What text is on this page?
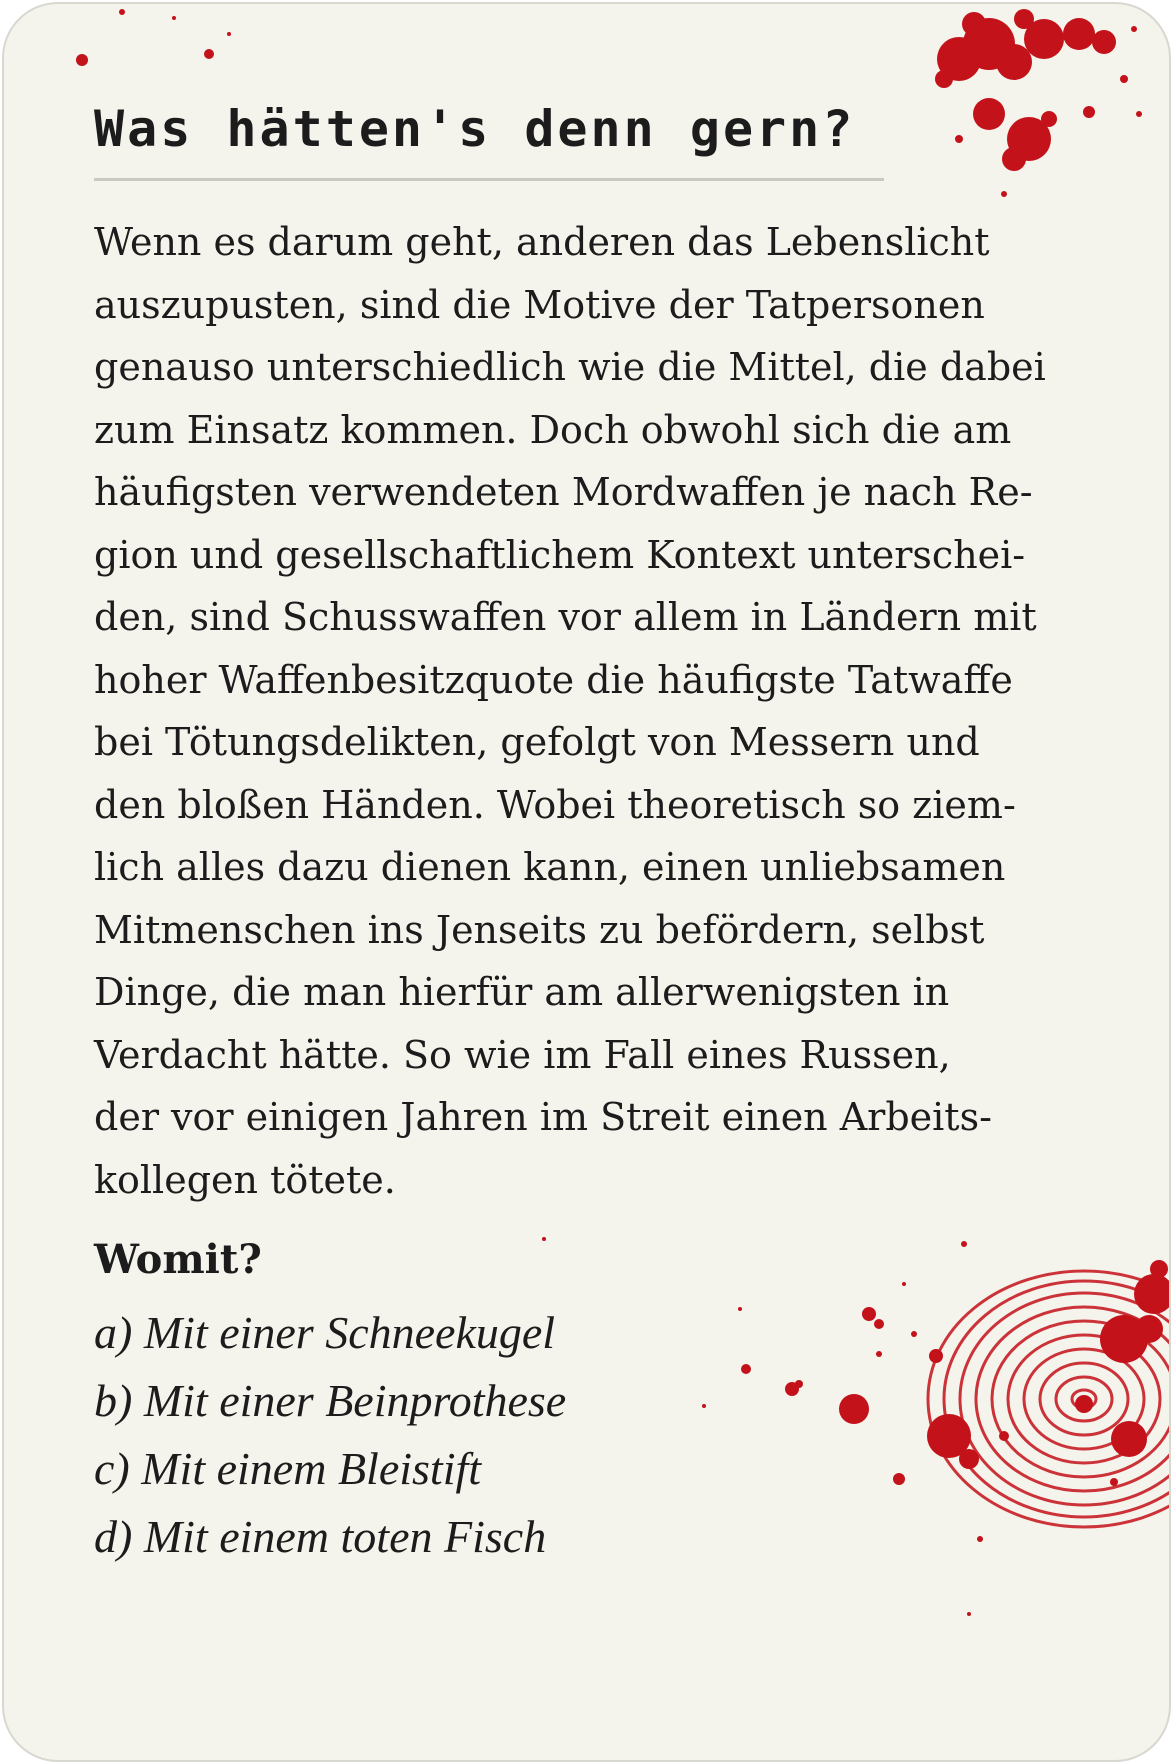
Was hätten's denn gern?

Wenn es darum geht, anderen das Lebenslicht
auszupusten, sind die Motive der Tatpersonen
genauso unterschiedlich wie die Mittel, die dabei
zum Einsatz kommen. Doch obwohl sich die am
häufigsten verwendeten Mordwaffen je nach Re-
gion und gesellschaftlichem Kontext unterschei-
den, sind Schusswaffen vor allem in Ländern mit
hoher Waffenbesitzquote die häufigste Tatwaffe
bei Tötungsdelikten, gefolgt von Messern und
den bloßen Händen. Wobei theoretisch so ziem-
lich alles dazu dienen kann, einen unliebsamen
Mitmenschen ins Jenseits zu befördern, selbst
Dinge, die man hierfür am allerwenigsten in
Verdacht hätte. So wie im Fall eines Russen,
der vor einigen Jahren im Streit einen Arbeits-
kollegen tötete.

Womit?

a) Mit einer Schneekugel
b) Mit einer Beinprothese
c) Mit einem Bleistift
d) Mit einem toten Fisch
